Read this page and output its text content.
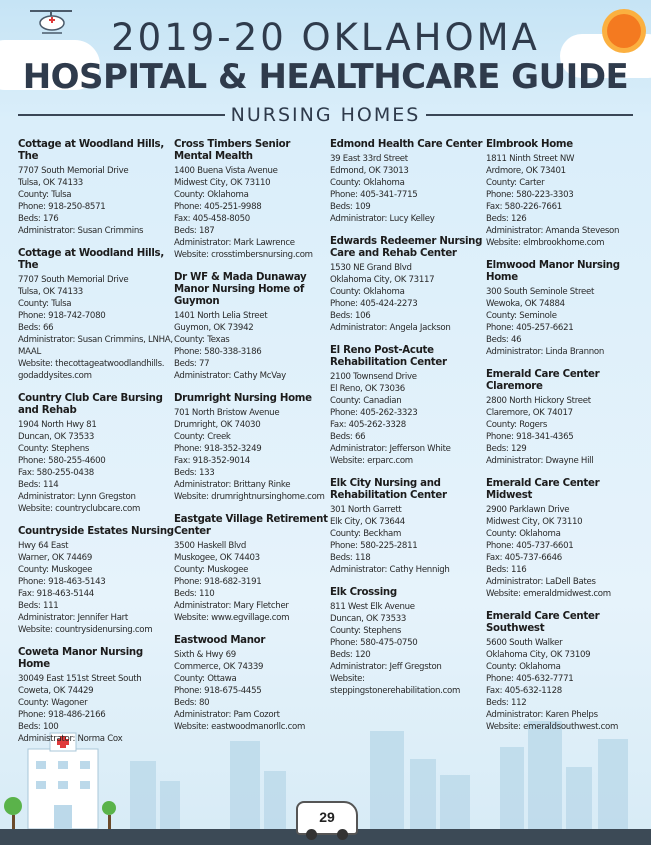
29
2019-20 OKLAHOMA
HOSPITAL & HEALTHCARE GUIDE
NURSING HOMES
Cottage at Woodland Hills, The
7707 South Memorial Drive
Tulsa, OK 74133
County: Tulsa
Phone: 918-250-8571
Beds: 176
Administrator: Susan Crimmins
Cottage at Woodland Hills, The
7707 South Memorial Drive
Tulsa, OK 74133
County: Tulsa
Phone: 918-742-7080
Beds: 66
Administrator: Susan Crimmins, LNHA,
MAAL
Website: thecottageatwoodlandhills.
godaddysites.com
Country Club Care Bursing and Rehab
1904 North Hwy 81
Duncan, OK 73533
County: Stephens
Phone: 580-255-4600
Fax: 580-255-0438
Beds: 114
Administrator: Lynn Gregston
Website: countryclubcare.com
Countryside Estates Nursing
Hwy 64 East
Warner, OK 74469
County: Muskogee
Phone: 918-463-5143
Fax: 918-463-5144
Beds: 111
Administrator: Jennifer Hart
Website: countrysidenursing.com
Coweta Manor Nursing Home
30049 East 151st Street South
Coweta, OK 74429
County: Wagoner
Phone: 918-486-2166
Beds: 100
Administrator: Norma Cox
Cross Timbers Senior Mental Mealth
1400 Buena Vista Avenue
Midwest City, OK 73110
County: Oklahoma
Phone: 405-251-9988
Fax: 405-458-8050
Beds: 187
Administrator: Mark Lawrence
Website: crosstimbersnursing.com
Dr WF & Mada Dunaway Manor Nursing Home of Guymon
1401 North Lelia Street
Guymon, OK 73942
County: Texas
Phone: 580-338-3186
Beds: 77
Administrator: Cathy McVay
Drumright Nursing Home
701 North Bristow Avenue
Drumright, OK 74030
County: Creek
Phone: 918-352-3249
Fax: 918-352-9014
Beds: 133
Administrator: Brittany Rinke
Website: drumrightnursinghome.com
Eastgate Village Retirement Center
3500 Haskell Blvd
Muskogee, OK 74403
County: Muskogee
Phone: 918-682-3191
Beds: 110
Administrator: Mary Fletcher
Website: www.egvillage.com
Eastwood Manor
Sixth & Hwy 69
Commerce, OK 74339
County: Ottawa
Phone: 918-675-4455
Beds: 80
Administrator: Pam Cozort
Website: eastwoodmanorllc.com
Edmond Health Care Center
39 East 33rd Street
Edmond, OK 73013
County: Oklahoma
Phone: 405-341-7715
Beds: 109
Administrator: Lucy Kelley
Edwards Redeemer Nursing Care and Rehab Center
1530 NE Grand Blvd
Oklahoma City, OK 73117
County: Oklahoma
Phone: 405-424-2273
Beds: 106
Administrator: Angela Jackson
El Reno Post-Acute Rehabilitation Center
2100 Townsend Drive
El Reno, OK 73036
County: Canadian
Phone: 405-262-3323
Fax: 405-262-3328
Beds: 66
Administrator: Jefferson White
Website: erparc.com
Elk City Nursing and Rehabilitation Center
301 North Garrett
Elk City, OK 73644
County: Beckham
Phone: 580-225-2811
Beds: 118
Administrator: Cathy Hennigh
Elk Crossing
811 West Elk Avenue
Duncan, OK 73533
County: Stephens
Phone: 580-475-0750
Beds: 120
Administrator: Jeff Gregston
Website: steppingstonerehabilitation.com
Elmbrook Home
1811 Ninth Street NW
Ardmore, OK 73401
County: Carter
Phone: 580-223-3303
Fax: 580-226-7661
Beds: 126
Administrator: Amanda Steveson
Website: elmbrookhome.com
Elmwood Manor Nursing Home
300 South Seminole Street
Wewoka, OK 74884
County: Seminole
Phone: 405-257-6621
Beds: 46
Administrator: Linda Brannon
Emerald Care Center Claremore
2800 North Hickory Street
Claremore, OK 74017
County: Rogers
Phone: 918-341-4365
Beds: 129
Administrator: Dwayne Hill
Emerald Care Center Midwest
2900 Parklawn Drive
Midwest City, OK 73110
County: Oklahoma
Phone: 405-737-6601
Fax: 405-737-6646
Beds: 116
Administrator: LaDell Bates
Website: emeraldmidwest.com
Emerald Care Center Southwest
5600 South Walker
Oklahoma City, OK 73109
County: Oklahoma
Phone: 405-632-7771
Fax: 405-632-1128
Beds: 112
Administrator: Karen Phelps
Website: emeraldsouthwest.com
